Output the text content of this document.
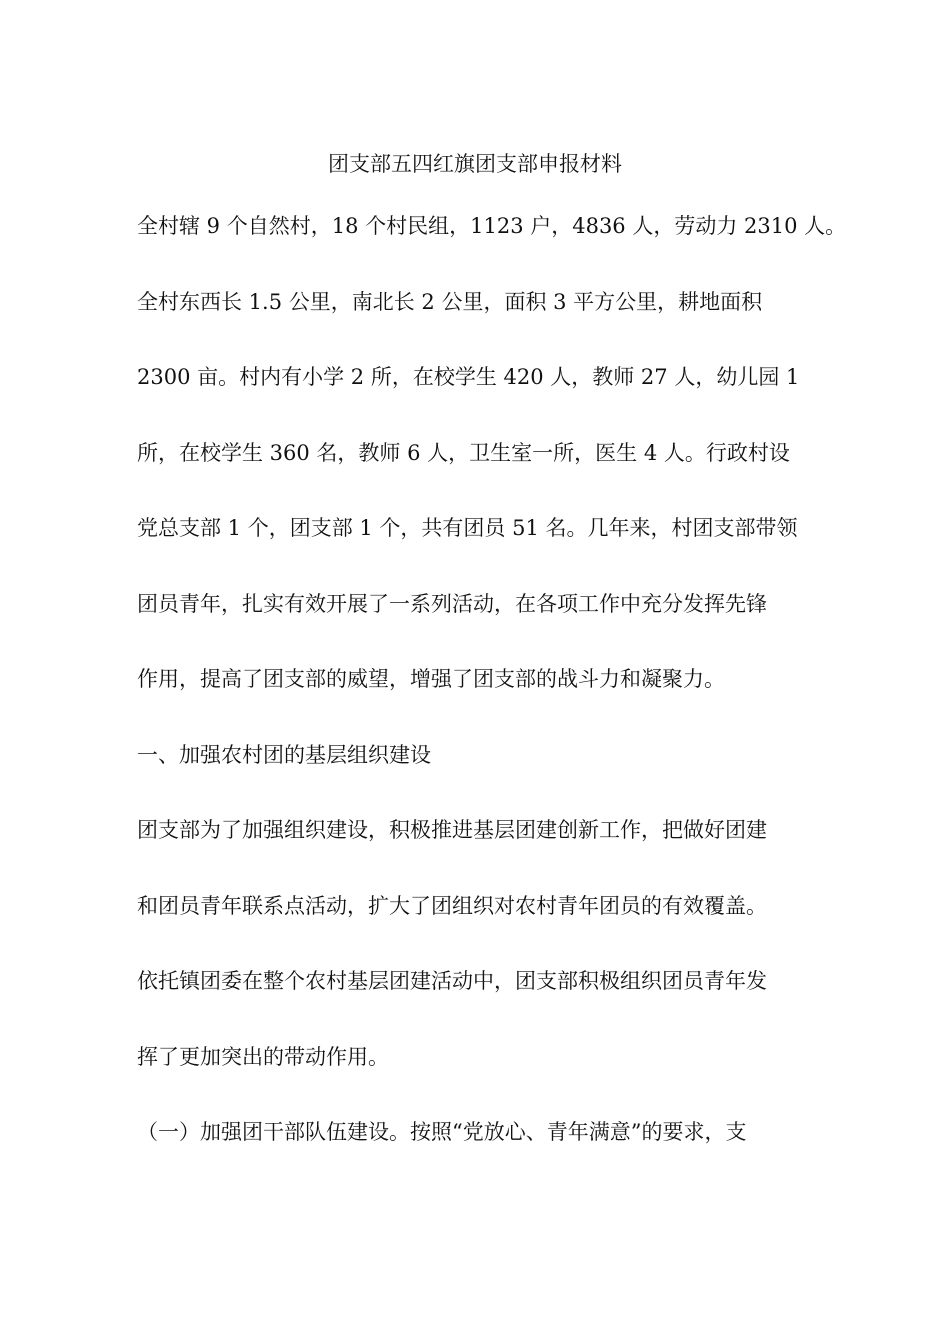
团支部五四红旗团支部申报材料
全村辖 9 个自然村，18 个村民组，1123 户，4836 人，劳动力 2310 人。
全村东西长 1.5 公里，南北长 2 公里，面积 3 平方公里，耕地面积
2300 亩。村内有小学 2 所，在校学生 420 人，教师 27 人，幼儿园 1
所，在校学生 360 名，教师 6 人，卫生室一所，医生 4 人。行政村设
党总支部 1 个，团支部 1 个，共有团员 51 名。几年来，村团支部带领
团员青年，扎实有效开展了一系列活动，在各项工作中充分发挥先锋
作用，提高了团支部的威望，增强了团支部的战斗力和凝聚力。
一、加强农村团的基层组织建设
团支部为了加强组织建设，积极推进基层团建创新工作，把做好团建
和团员青年联系点活动，扩大了团组织对农村青年团员的有效覆盖。
依托镇团委在整个农村基层团建活动中，团支部积极组织团员青年发
挥了更加突出的带动作用。
（一）加强团干部队伍建设。按照“党放心、青年满意”的要求，支
